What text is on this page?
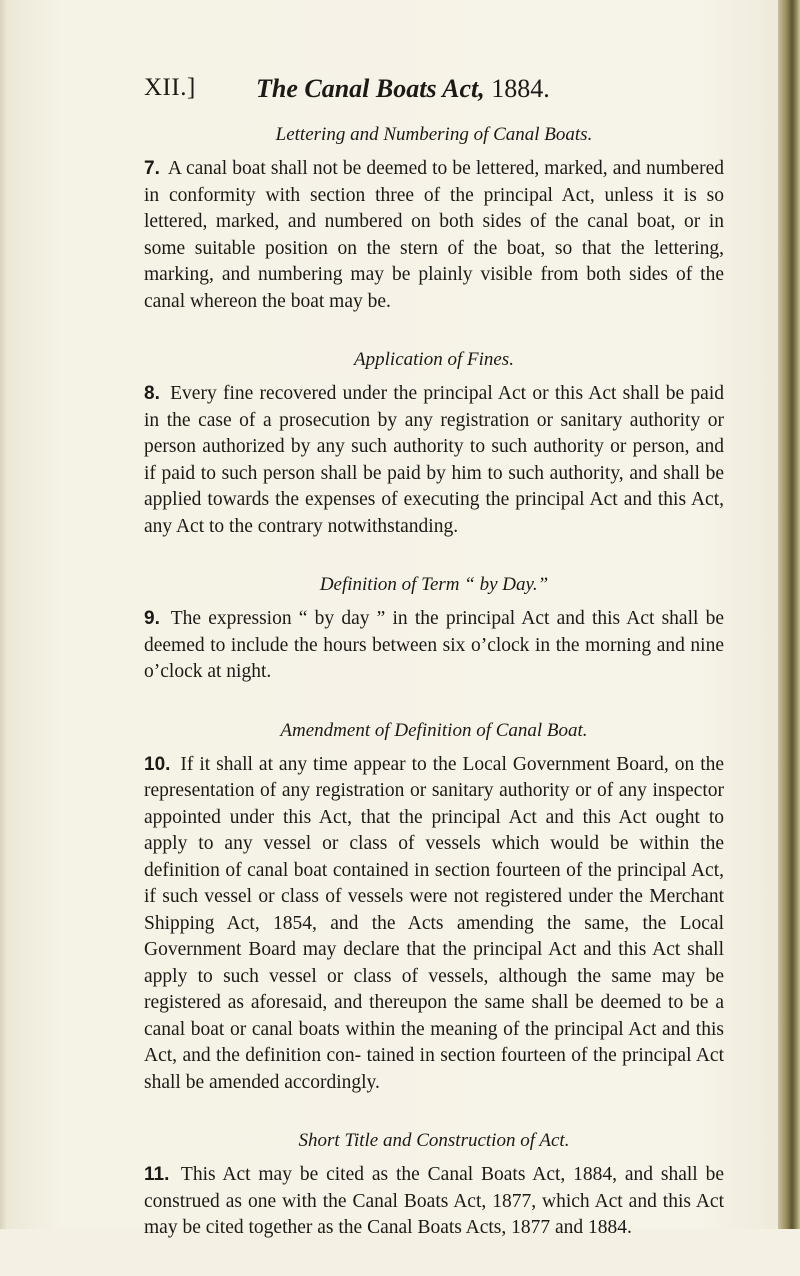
XII.] The Canal Boats Act, 1884.
Lettering and Numbering of Canal Boats.

7. A canal boat shall not be deemed to be lettered, marked, and numbered in conformity with section three of the principal Act, unless it is so lettered, marked, and numbered on both sides of the canal boat, or in some suitable position on the stern of the boat, so that the lettering, marking, and numbering may be plainly visible from both sides of the canal whereon the boat may be.

Application of Fines.

8. Every fine recovered under the principal Act or this Act shall be paid in the case of a prosecution by any registration or sanitary authority or person authorized by any such authority to such authority or person, and if paid to such person shall be paid by him to such authority, and shall be applied towards the expenses of executing the principal Act and this Act, any Act to the contrary notwithstanding.

Definition of Term “ by Day.”

9. The expression “ by day ” in the principal Act and this Act shall be deemed to include the hours between six o’clock in the morning and nine o’clock at night.

Amendment of Definition of Canal Boat.

10. If it shall at any time appear to the Local Government Board, on the representation of any registration or sanitary authority or of any inspector appointed under this Act, that the principal Act and this Act ought to apply to any vessel or class of vessels which would be within the definition of canal boat contained in section fourteen of the principal Act, if such vessel or class of vessels were not registered under the Merchant Shipping Act, 1854, and the Acts amending the same, the Local Government Board may declare that the principal Act and this Act shall apply to such vessel or class of vessels, although the same may be registered as aforesaid, and thereupon the same shall be deemed to be a canal boat or canal boats within the meaning of the principal Act and this Act, and the definition con- tained in section fourteen of the principal Act shall be amended accordingly.

Short Title and Construction of Act.

11. This Act may be cited as the Canal Boats Act, 1884, and shall be construed as one with the Canal Boats Act, 1877, which Act and this Act may be cited together as the Canal Boats Acts, 1877 and 1884.
